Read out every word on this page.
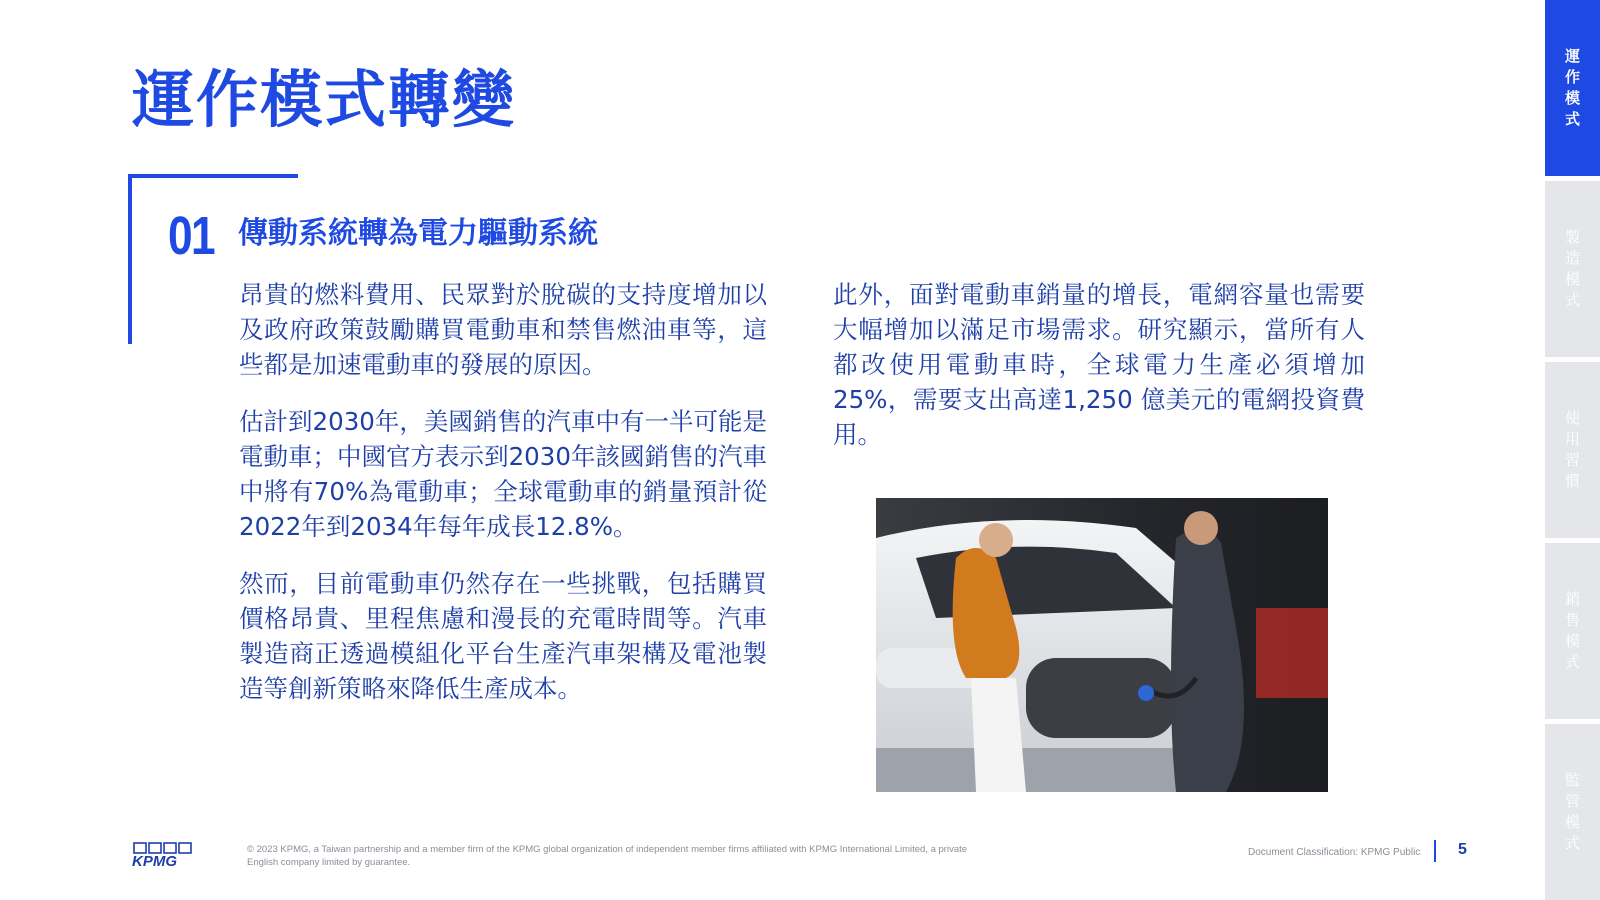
運作模式轉變
01 傳動系統轉為電力驅動系統

昂貴的燃料費用、民眾對於脫碳的支持度增加以及政府政策鼓勵購買電動車和禁售燃油車等，這些都是加速電動車的發展的原因。

估計到2030年，美國銷售的汽車中有一半可能是電動車；中國官方表示到2030年該國銷售的汽車中將有70%為電動車；全球電動車的銷量預計從2022年到2034年每年成長12.8%。

然而，目前電動車仍然存在一些挑戰，包括購買價格昂貴、里程焦慮和漫長的充電時間等。汽車製造商正透過模組化平台生產汽車架構及電池製造等創新策略來降低生產成本。

此外，面對電動車銷量的增長，電網容量也需要大幅增加以滿足市場需求。研究顯示，當所有人都改使用電動車時，全球電力生產必須增加25%，需要支出高達1,250 億美元的電網投資費用。

運作模式
製造模式
使用習慣
銷售模式
監管模式
KPMG
© 2023 KPMG, a Taiwan partnership and a member firm of the KPMG global organization of independent member firms affiliated with KPMG International Limited, a private English company limited by guarantee.
Document Classification: KPMG Public 5
